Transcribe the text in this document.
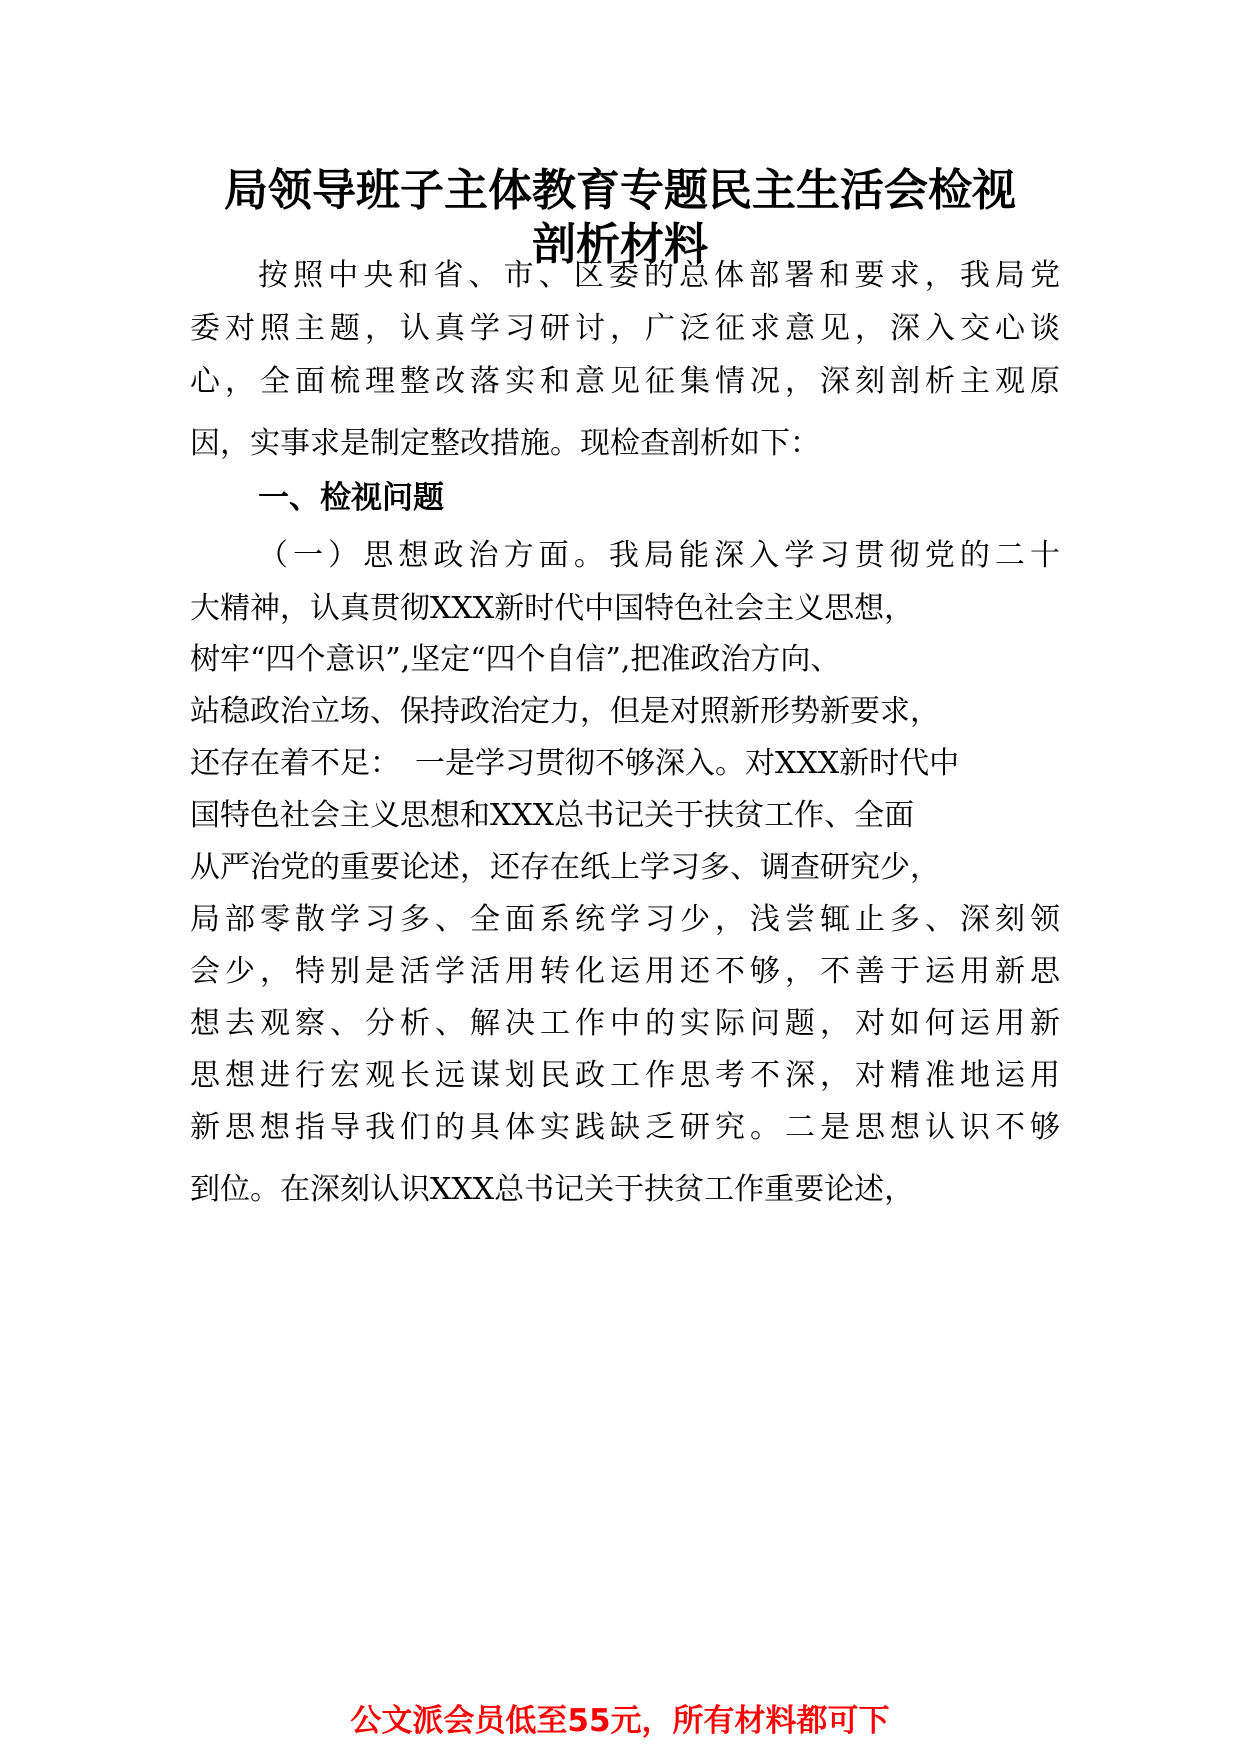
局领导班子主体教育专题民主生活会检视
剖析材料

按照中央和省、市、区委的总体部署和要求，我局党

委对照主题，认真学习研讨，广泛征求意见，深入交心谈

心，全面梳理整改落实和意见征集情况，深刻剖析主观原

因，实事求是制定整改措施。现检查剖析如下：

一、检视问题

（一）思想政治方面。我局能深入学习贯彻党的二十

大精神，认真贯彻XXX新时代中国特色社会主义思想，

树牢“四个意识”,坚定“四个自信”,把准政治方向、

站稳政治立场、保持政治定力，但是对照新形势新要求，

还存在着不足：　一是学习贯彻不够深入。对XXX新时代中

国特色社会主义思想和XXX总书记关于扶贫工作、全面

从严治党的重要论述，还存在纸上学习多、调查研究少，

局部零散学习多、全面系统学习少，浅尝辄止多、深刻领

会少，特别是活学活用转化运用还不够，不善于运用新思

想去观察、分析、解决工作中的实际问题，对如何运用新

思想进行宏观长远谋划民政工作思考不深，对精准地运用

新思想指导我们的具体实践缺乏研究。二是思想认识不够

到位。在深刻认识XXX总书记关于扶贫工作重要论述，

公文派会员低至55元，所有材料都可下
